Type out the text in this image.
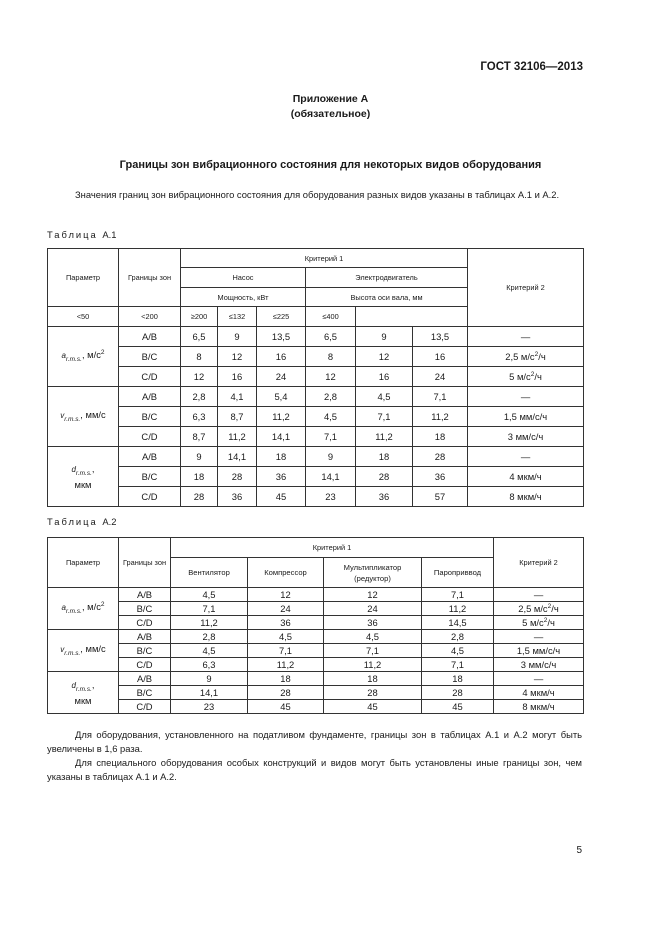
ГОСТ 32106—2013
Приложение А
(обязательное)
Границы зон вибрационного состояния для некоторых видов оборудования
Значения границ зон вибрационного состояния для оборудования разных видов указаны в таблицах А.1 и А.2.
Таблица А.1
Параметр	Границы зон	Критерий 1						Критерий 2
		Насос			Электродвигатель			
		Мощность, кВт			Высота оси вала, мм			
<50	<200	≥200	≤132	≤225	≤400			
$a_{r.m.s.}$, $м/с^2$	A/B	6,5	9	13,5	6,5	9	13,5	—
	B/C	8	12	16	8	12	16	2,5 $м/с^2/ч$
	C/D	12	16	24	12	16	24	5 $м/с^2/ч$
$v_{r.m.s.}$, мм/с	A/B	2,8	4,1	5,4	2,8	4,5	7,1	—
	B/C	6,3	8,7	11,2	4,5	7,1	11,2	1,5 мм/с/ч
	C/D	8,7	11,2	14,1	7,1	11,2	18	3 мм/с/ч
$d_{r.m.s.}$,
мкм	A/B	9	14,1	18	9	18	28	—
	B/C	18	28	36	14,1	28	36	4 мкм/ч
	C/D	28	36	45	23	36	57	8 мкм/ч
Таблица А.2
Параметр	Границы зон	Критерий 1				Критерий 2
		Вентилятор	Компрессор	Мультипликатор (редуктор)	Пароприввод	
$a_{r.m.s.}$, $м/с^2$	A/B	4,5	12	12	7,1	—
	B/C	7,1	24	24	11,2	2,5 $м/с^2/ч$
	C/D	11,2	36	36	14,5	5 $м/с^2/ч$
$v_{r.m.s.}$, мм/с	A/B	2,8	4,5	4,5	2,8	—
	B/C	4,5	7,1	7,1	4,5	1,5 мм/с/ч
	C/D	6,3	11,2	11,2	7,1	3 мм/с/ч
$d_{r.m.s.}$,
мкм	A/B	9	18	18	18	—
	B/C	14,1	28	28	28	4 мкм/ч
	C/D	23	45	45	45	8 мкм/ч
Для оборудования, установленного на податливом фундаменте, границы зон в таблицах А.1 и А.2 могут быть увеличены в 1,6 раза.
Для специального оборудования особых конструкций и видов могут быть установлены иные границы зон, чем указаны в таблицах А.1 и А.2.
5
